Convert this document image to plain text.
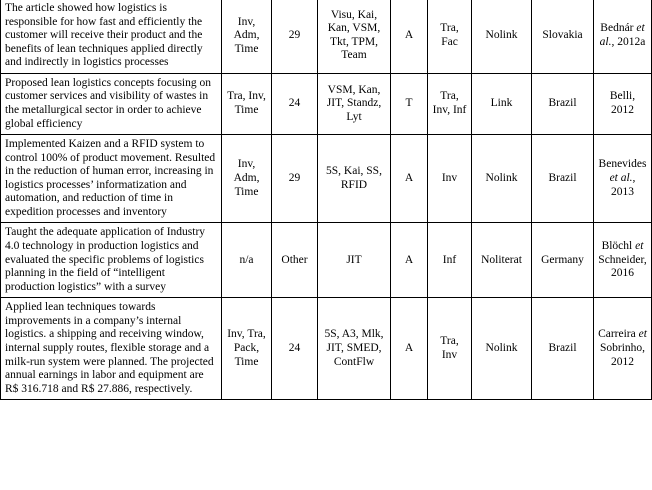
The article showed how logistics is responsible for how fast and efficiently the customer will receive their product and the benefits of lean techniques applied directly and indirectly in logistics processes	Inv, Adm, Time	29	Visu, Kai, Kan, VSM, Tkt, TPM, Team	A	Tra, Fac	Nolink	Slovakia	Bednár et al., 2012a
Proposed lean logistics concepts focusing on customer services and visibility of wastes in the metallurgical sector in order to achieve global efficiency	Tra, Inv, Time	24	VSM, Kan, JIT, Standz, Lyt	T	Tra, Inv, Inf	Link	Brazil	Belli, 2012
Implemented Kaizen and a RFID system to control 100% of product movement. Resulted in the reduction of human error, increasing in logistics processes’ informatization and automation, and reduction of time in expedition processes and inventory	Inv, Adm, Time	29	5S, Kai, SS, RFID	A	Inv	Nolink	Brazil	Benevides et al., 2013
Taught the adequate application of Industry 4.0 technology in production logistics and evaluated the specific problems of logistics planning in the field of “intelligent production logistics” with a survey	n/a	Other	JIT	A	Inf	Noliterat	Germany	Blöchl et Schneider, 2016
Applied lean techniques towards improvements in a company’s internal logistics. a shipping and receiving window, internal supply routes, flexible storage and a milk-run system were planned. The projected annual earnings in labor and equipment are R$ 316.718 and R$ 27.886, respectively.	Inv, Tra, Pack, Time	24	5S, A3, Mlk, JIT, SMED, ContFlw	A	Tra, Inv	Nolink	Brazil	Carreira et Sobrinho, 2012
